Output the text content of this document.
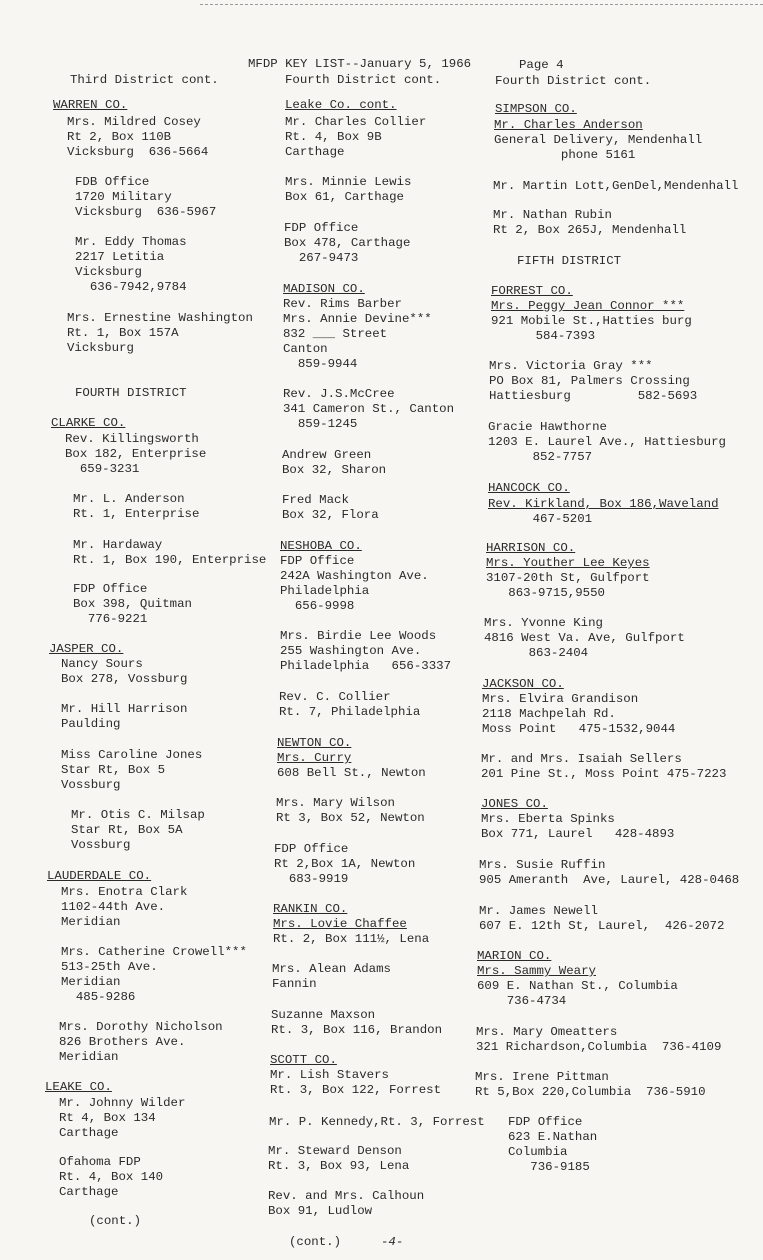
MFDP KEY LIST--January 5, 1966	Page 4
Third District cont.	Fourth District cont.	Fourth District cont.
WARREN CO.
Mrs. Mildred Cosey
Rt 2, Box 110B
Vicksburg  636-5664
FDB Office
1720 Military
Vicksburg  636-5967
Mr. Eddy Thomas
2217 Letitia
Vicksburg
636-7942,9784
Mrs. Ernestine Washington
Rt. 1, Box 157A
Vicksburg
FOURTH DISTRICT
CLARKE CO.
Rev. Killingsworth
Box 182, Enterprise
659-3231
Mr. L. Anderson
Rt. 1, Enterprise
Mr. Hardaway
Rt. 1, Box 190, Enterprise
FDP Office
Box 398, Quitman
776-9221
JASPER CO.
Nancy Sours
Box 278, Vossburg
Mr. Hill Harrison
Paulding
Miss Caroline Jones
Star Rt, Box 5
Vossburg
Mr. Otis C. Milsap
Star Rt, Box 5A
Vossburg
LAUDERDALE CO.
Mrs. Enotra Clark
1102-44th Ave.
Meridian
Mrs. Catherine Crowell***
513-25th Ave.
Meridian
485-9286
Mrs. Dorothy Nicholson
826 Brothers Ave.
Meridian
LEAKE CO.
Mr. Johnny Wilder
Rt 4, Box 134
Carthage
Ofahoma FDP
Rt. 4, Box 140
Carthage
(cont.)
Leake Co. cont.
Mr. Charles Collier
Rt. 4, Box 9B
Carthage
Mrs. Minnie Lewis
Box 61, Carthage
FDP Office
Box 478, Carthage
267-9473
MADISON CO.
Rev. Rims Barber
Mrs. Annie Devine***
832 ___ Street
Canton
859-9944
Rev. J.S.McCree
341 Cameron St., Canton
859-1245
Andrew Green
Box 32, Sharon
Fred Mack
Box 32, Flora
NESHOBA CO.
FDP Office
242A Washington Ave.
Philadelphia
656-9998
Mrs. Birdie Lee Woods
255 Washington Ave.
Philadelphia   656-3337
Rev. C. Collier
Rt. 7, Philadelphia
NEWTON CO.
Mrs. Curry
608 Bell St., Newton
Mrs. Mary Wilson
Rt 3, Box 52, Newton
FDP Office
Rt 2,Box 1A, Newton
683-9919
RANKIN CO.
Mrs. Lovie Chaffee
Rt. 2, Box 111½, Lena
Mrs. Alean Adams
Fannin
Suzanne Maxson
Rt. 3, Box 116, Brandon
SCOTT CO.
Mr. Lish Stavers
Rt. 3, Box 122, Forrest
Mr. P. Kennedy,Rt. 3, Forrest
Mr. Steward Denson
Rt. 3, Box 93, Lena
Rev. and Mrs. Calhoun
Box 91, Ludlow
SIMPSON CO.
Mr. Charles Anderson
General Delivery, Mendenhall
phone 5161
Mr. Martin Lott,GenDel,Mendenhall
Mr. Nathan Rubin
Rt 2, Box 265J, Mendenhall
FIFTH DISTRICT
FORREST CO.
Mrs. Peggy Jean Connor ***
921 Mobile St.,Hatties burg
584-7393
Mrs. Victoria Gray ***
PO Box 81, Palmers Crossing
Hattiesburg         582-5693
Gracie Hawthorne
1203 E. Laurel Ave., Hattiesburg
852-7757
HANCOCK CO.
Rev. Kirkland, Box 186,Waveland
467-5201
HARRISON CO.
Mrs. Youther Lee Keyes
3107-20th St, Gulfport
863-9715,9550
Mrs. Yvonne King
4816 West Va. Ave, Gulfport
863-2404
JACKSON CO.
Mrs. Elvira Grandison
2118 Machpelah Rd.
Moss Point   475-1532,9044
Mr. and Mrs. Isaiah Sellers
201 Pine St., Moss Point 475-7223
JONES CO.
Mrs. Eberta Spinks
Box 771, Laurel   428-4893
Mrs. Susie Ruffin
905 Ameranth  Ave, Laurel, 428-0468
Mr. James Newell
607 E. 12th St, Laurel,  426-2072
MARION CO.
Mrs. Sammy Weary
609 E. Nathan St., Columbia
736-4734
Mrs. Mary Omeatters
321 Richardson,Columbia  736-4109
Mrs. Irene Pittman
Rt 5,Box 220,Columbia  736-5910
FDP Office
623 E.Nathan
Columbia
736-9185
(cont.)	-4-
